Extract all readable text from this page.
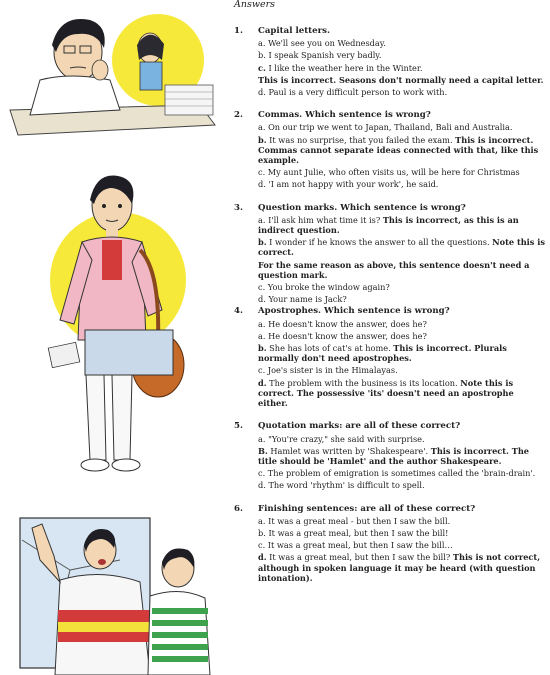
Answers
1. Capital letters.
a. We'll see you on Wednesday.
b. I speak Spanish very badly.
c. I like the weather here in the Winter.
This is incorrect. Seasons don't normally need a capital letter.
d. Paul is a very difficult person to work with.
2. Commas. Which sentence is wrong?
a. On our trip we went to Japan, Thailand, Bali and Australia.
b. It was no surprise, that you failed the exam. This is incorrect. Commas cannot separate ideas connected with that, like this example.
c. My aunt Julie, who often visits us, will be here for Christmas
d. 'I am not happy with your work', he said.
3. Question marks. Which sentence is wrong?
a. I'll ask him what time it is? This is incorrect, as this is an indirect question.
b. I wonder if he knows the answer to all the questions. Note this is correct.
For the same reason as above, this sentence doesn't need a question mark.
c. You broke the window again?
d. Your name is Jack?
4. Apostrophes. Which sentence is wrong?
a. He doesn't know the answer, does he?
a. He doesn't know the answer, does he?
b. She has lots of cat's at home. This is incorrect. Plurals normally don't need apostrophes.
c. Joe's sister is in the Himalayas.
d. The problem with the business is its location. Note this is correct. The possessive 'its' doesn't need an apostrophe either.
5. Quotation marks: are all of these correct?
a. "You're crazy," she said with surprise.
B. Hamlet was written by 'Shakespeare'. This is incorrect. The title should be 'Hamlet' and the author Shakespeare.
c. The problem of emigration is sometimes called the 'brain-drain'.
d. The word 'rhythm' is difficult to spell.
6. Finishing sentences: are all of these correct?
a. It was a great meal - but then I saw the bill.
b. It was a great meal, but then I saw the bill!
c. It was a great meal, but then I saw the bill…
d. It was a great meal, but then I saw the bill? This is not correct, although in spoken language it may be heard (with question intonation).
